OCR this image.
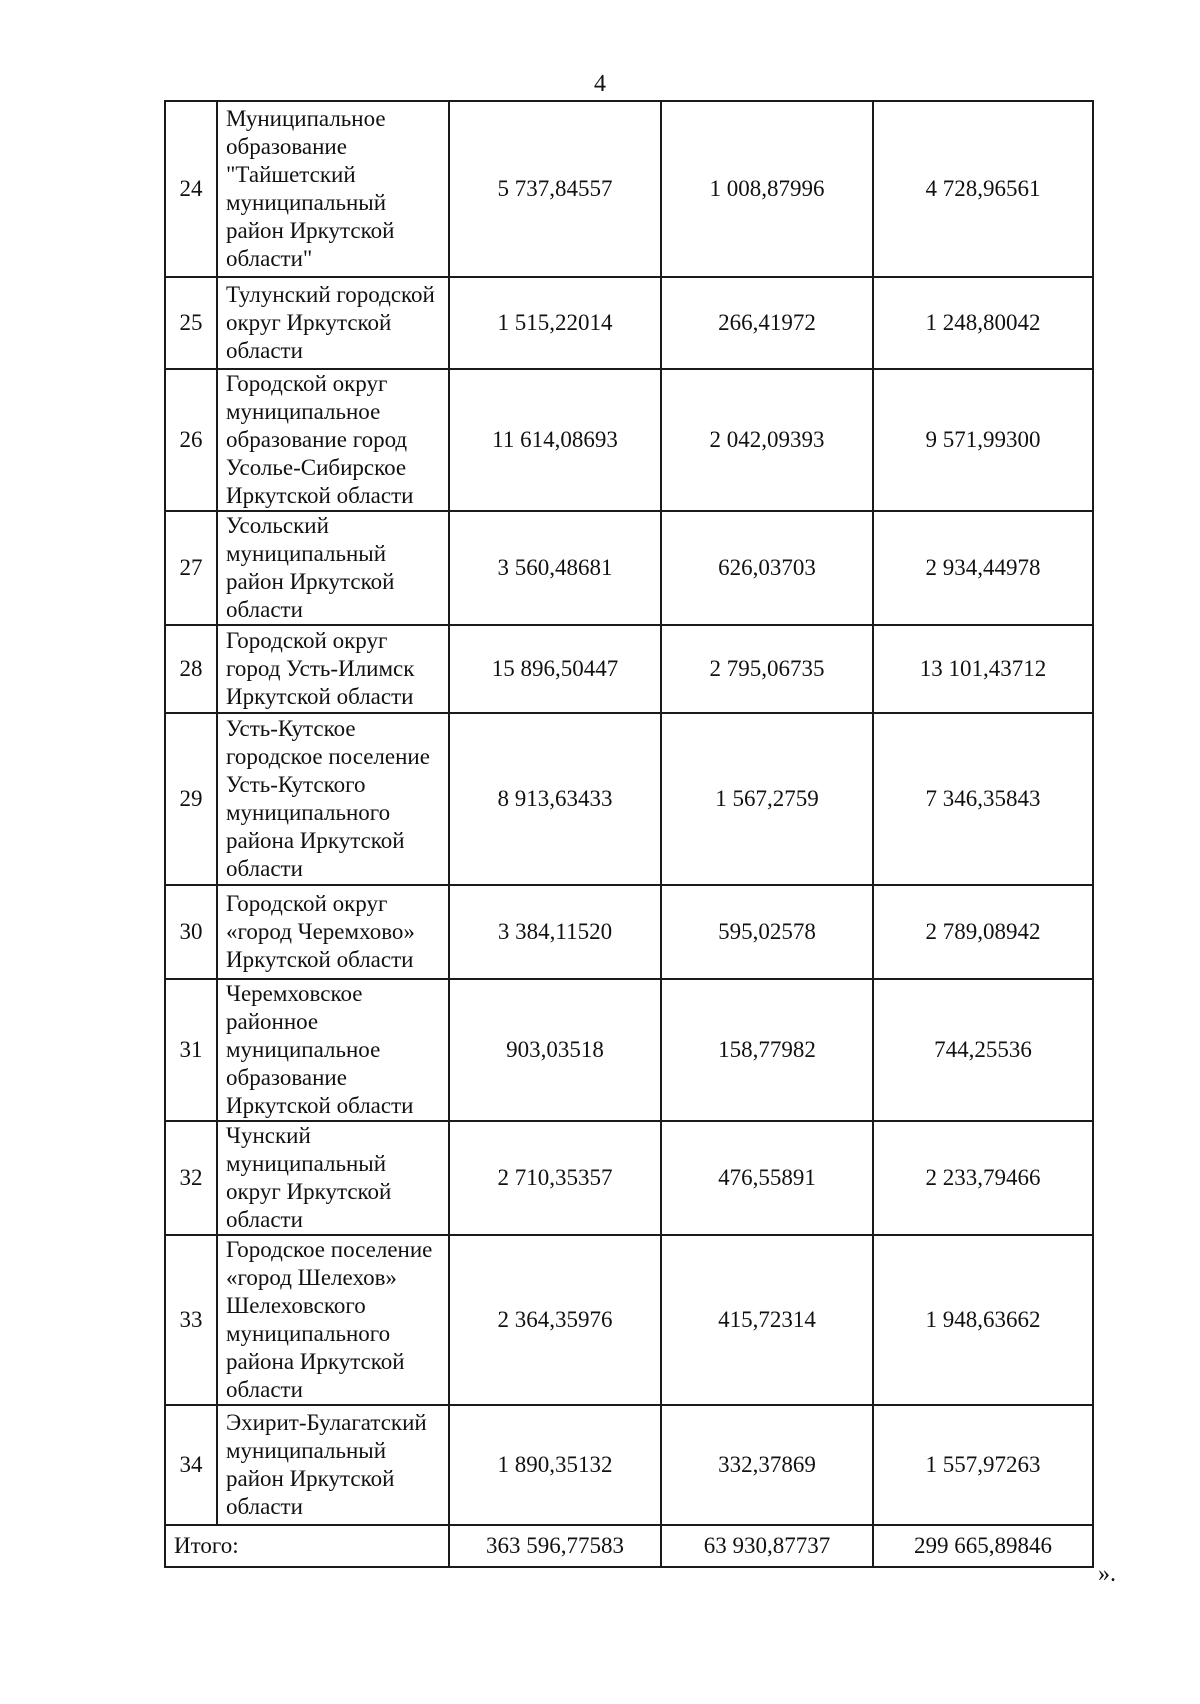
4
24	Муниципальное образование "Тайшетский муниципальный район Иркутской области"	5 737,84557	1 008,87996	4 728,96561
25	Тулунский городской округ Иркутской области	1 515,22014	266,41972	1 248,80042
26	Городской округ муниципальное образование город Усолье-Сибирское Иркутской области	11 614,08693	2 042,09393	9 571,99300
27	Усольский муниципальный район Иркутской области	3 560,48681	626,03703	2 934,44978
28	Городской округ город Усть-Илимск Иркутской области	15 896,50447	2 795,06735	13 101,43712
29	Усть-Кутское городское поселение Усть-Кутского муниципального района Иркутской области	8 913,63433	1 567,2759	7 346,35843
30	Городской округ «город Черемхово» Иркутской области	3 384,11520	595,02578	2 789,08942
31	Черемховское районное муниципальное образование Иркутской области	903,03518	158,77982	744,25536
32	Чунский муниципальный округ Иркутской области	2 710,35357	476,55891	2 233,79466
33	Городское поселение «город Шелехов» Шелеховского муниципального района Иркутской области	2 364,35976	415,72314	1 948,63662
34	Эхирит-Булагатский муниципальный район Иркутской области	1 890,35132	332,37869	1 557,97263
Итого:		363 596,77583	63 930,87737	299 665,89846
».
